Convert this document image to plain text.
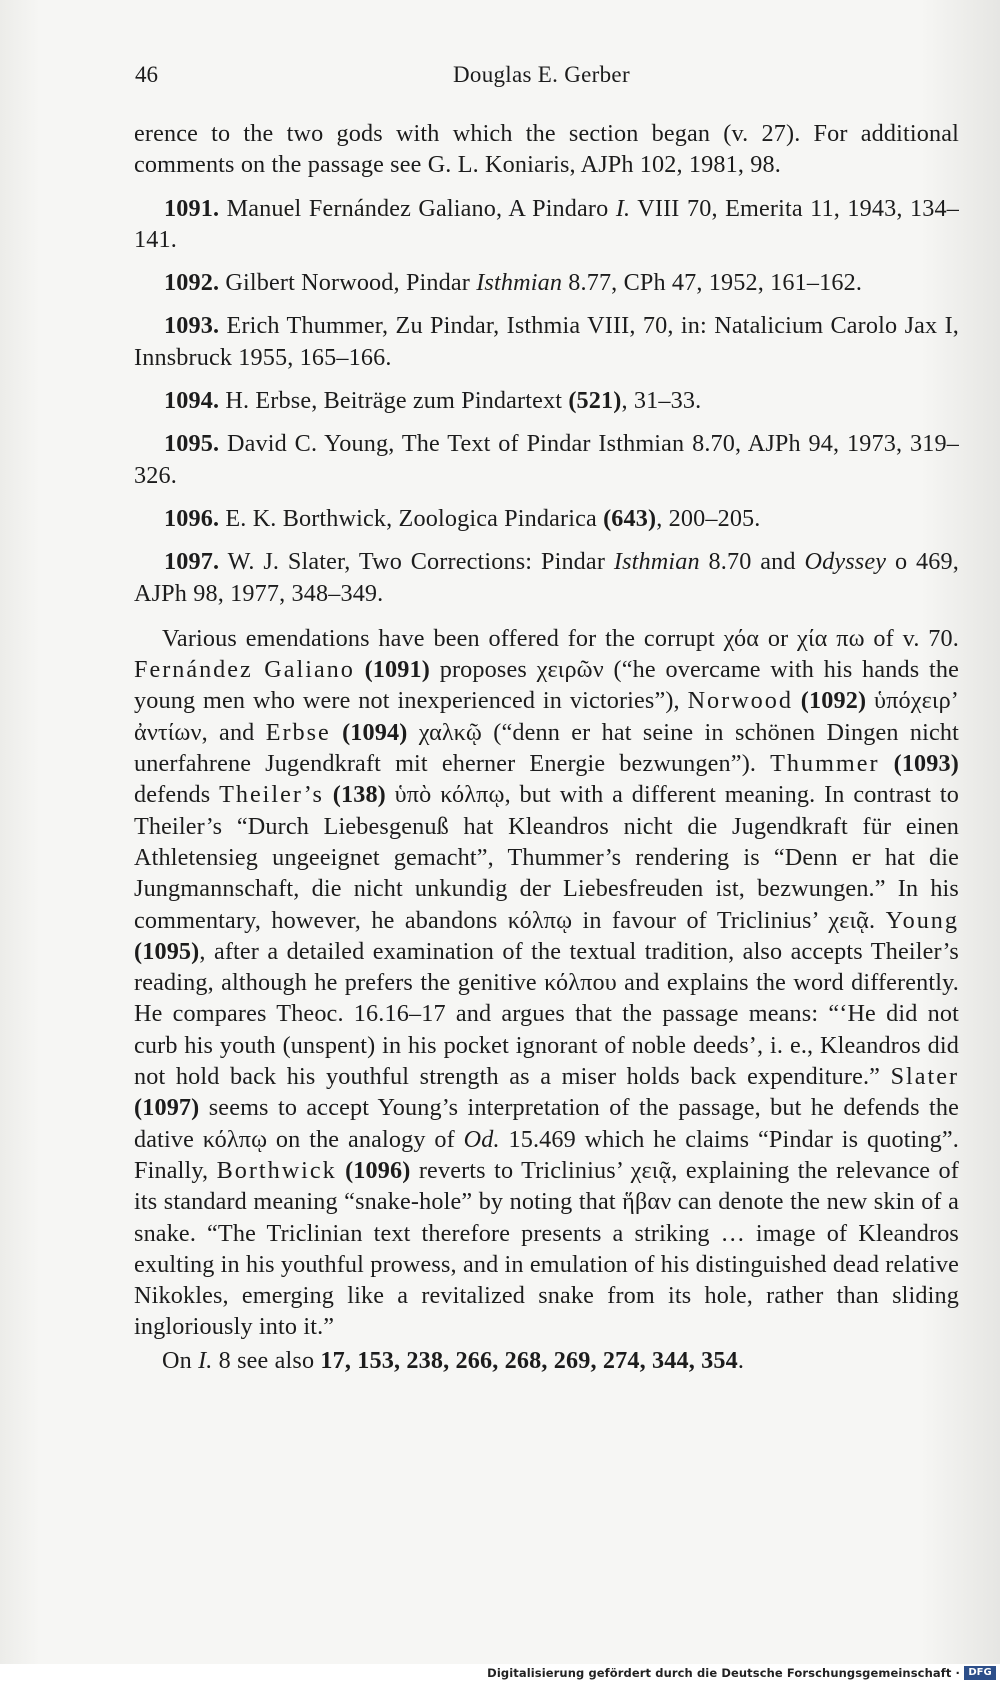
46	Douglas E. Gerber

erence to the two gods with which the section began (v. 27). For additional comments on the passage see G. L. Koniaris, AJPh 102, 1981, 98.

1091. Manuel Fernández Galiano, A Pindaro I. VIII 70, Emerita 11, 1943, 134–141.

1092. Gilbert Norwood, Pindar Isthmian 8.77, CPh 47, 1952, 161–162.

1093. Erich Thummer, Zu Pindar, Isthmia VIII, 70, in: Natalicium Carolo Jax I, Innsbruck 1955, 165–166.

1094. H. Erbse, Beiträge zum Pindartext (521), 31–33.

1095. David C. Young, The Text of Pindar Isthmian 8.70, AJPh 94, 1973, 319–326.

1096. E. K. Borthwick, Zoologica Pindarica (643), 200–205.

1097. W. J. Slater, Two Corrections: Pindar Isthmian 8.70 and Odyssey ο 469, AJPh 98, 1977, 348–349.

Various emendations have been offered for the corrupt χόα or χία πω of v. 70. Fernández Galiano (1091) proposes χειρῶν (“he overcame with his hands the young men who were not inexperienced in victories”), Norwood (1092) ὑπόχειρ’ ἀντίων, and Erbse (1094) χαλκῷ (“denn er hat seine in schönen Dingen nicht unerfahrene Jugendkraft mit eherner Energie bezwungen”). Thummer (1093) defends Theiler’s (138) ὑπὸ κόλπῳ, but with a different meaning. In contrast to Theiler’s “Durch Liebesgenuß hat Kleandros nicht die Jugendkraft für einen Athletensieg ungeeignet gemacht”, Thummer’s rendering is “Denn er hat die Jungmannschaft, die nicht unkundig der Liebesfreuden ist, bezwungen.” In his commentary, however, he abandons κόλπῳ in favour of Triclinius’ χειᾷ. Young (1095), after a detailed examination of the textual tradition, also accepts Theiler’s reading, although he prefers the genitive κόλπου and explains the word differently. He compares Theoc. 16.16–17 and argues that the passage means: “‘He did not curb his youth (unspent) in his pocket ignorant of noble deeds’, i. e., Kleandros did not hold back his youthful strength as a miser holds back expenditure.” Slater (1097) seems to accept Young’s interpretation of the passage, but he defends the dative κόλπῳ on the analogy of Od. 15.469 which he claims “Pindar is quoting”. Finally, Borthwick (1096) reverts to Triclinius’ χειᾷ, explaining the relevance of its standard meaning “snake-hole” by noting that ἥβαν can denote the new skin of a snake. “The Triclinian text therefore presents a striking … image of Kleandros exulting in his youthful prowess, and in emulation of his distinguished dead relative Nikokles, emerging like a revitalized snake from its hole, rather than sliding ingloriously into it.”

On I. 8 see also 17, 153, 238, 266, 268, 269, 274, 344, 354.

Digitalisierung gefördert durch die Deutsche Forschungsgemeinschaft · DFG
